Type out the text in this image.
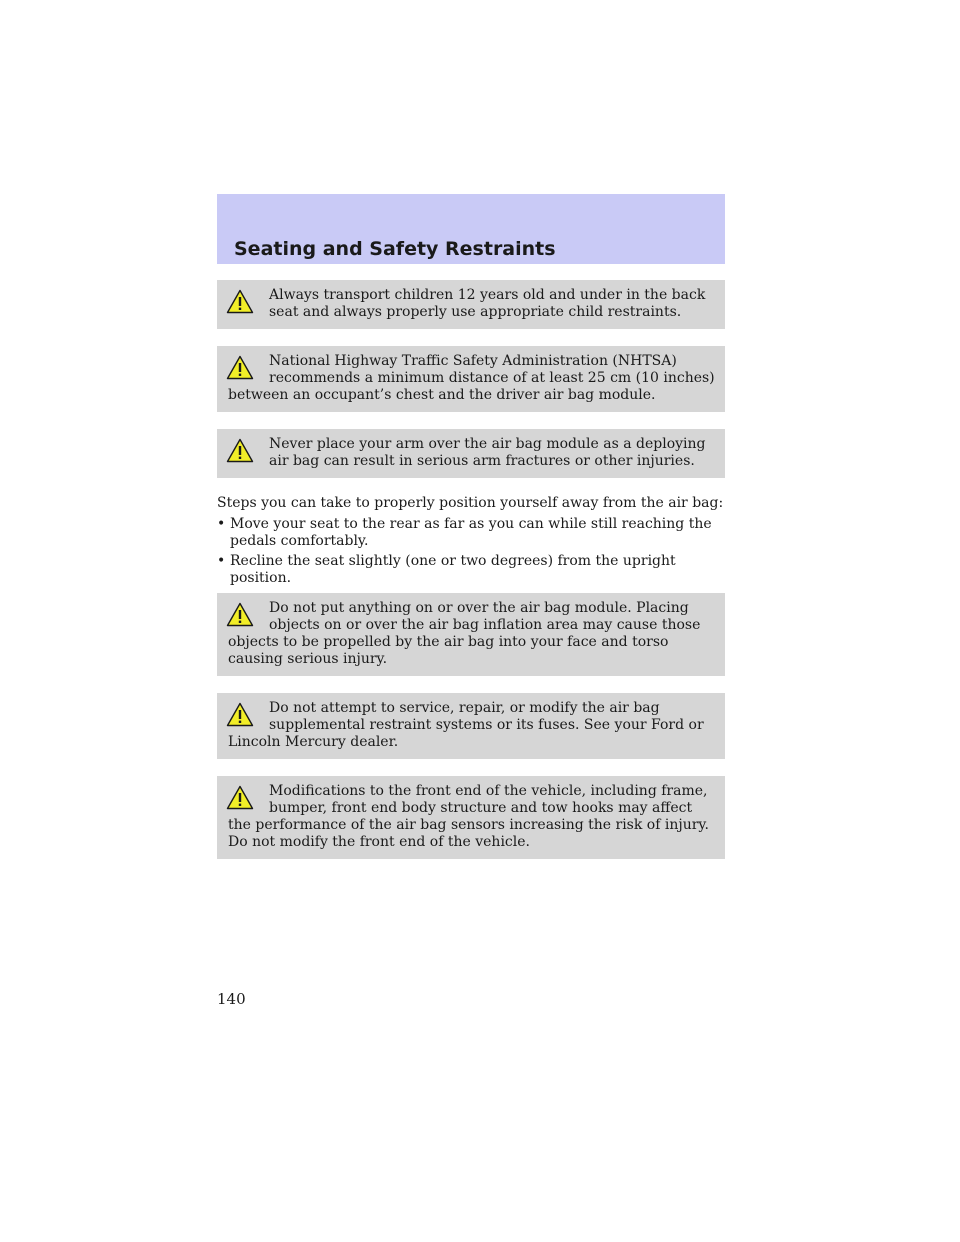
Seating and Safety Restraints
Always transport children 12 years old and under in the back seat and always properly use appropriate child restraints.
National Highway Traffic Safety Administration (NHTSA) recommends a minimum distance of at least 25 cm (10 inches) between an occupant’s chest and the driver air bag module.
Never place your arm over the air bag module as a deploying air bag can result in serious arm fractures or other injuries.

Steps you can take to properly position yourself away from the air bag:

• Move your seat to the rear as far as you can while still reaching the pedals comfortably.
• Recline the seat slightly (one or two degrees) from the upright position.
Do not put anything on or over the air bag module. Placing objects on or over the air bag inflation area may cause those objects to be propelled by the air bag into your face and torso causing serious injury.
Do not attempt to service, repair, or modify the air bag supplemental restraint systems or its fuses. See your Ford or Lincoln Mercury dealer.
Modifications to the front end of the vehicle, including frame, bumper, front end body structure and tow hooks may affect the performance of the air bag sensors increasing the risk of injury. Do not modify the front end of the vehicle.

140
